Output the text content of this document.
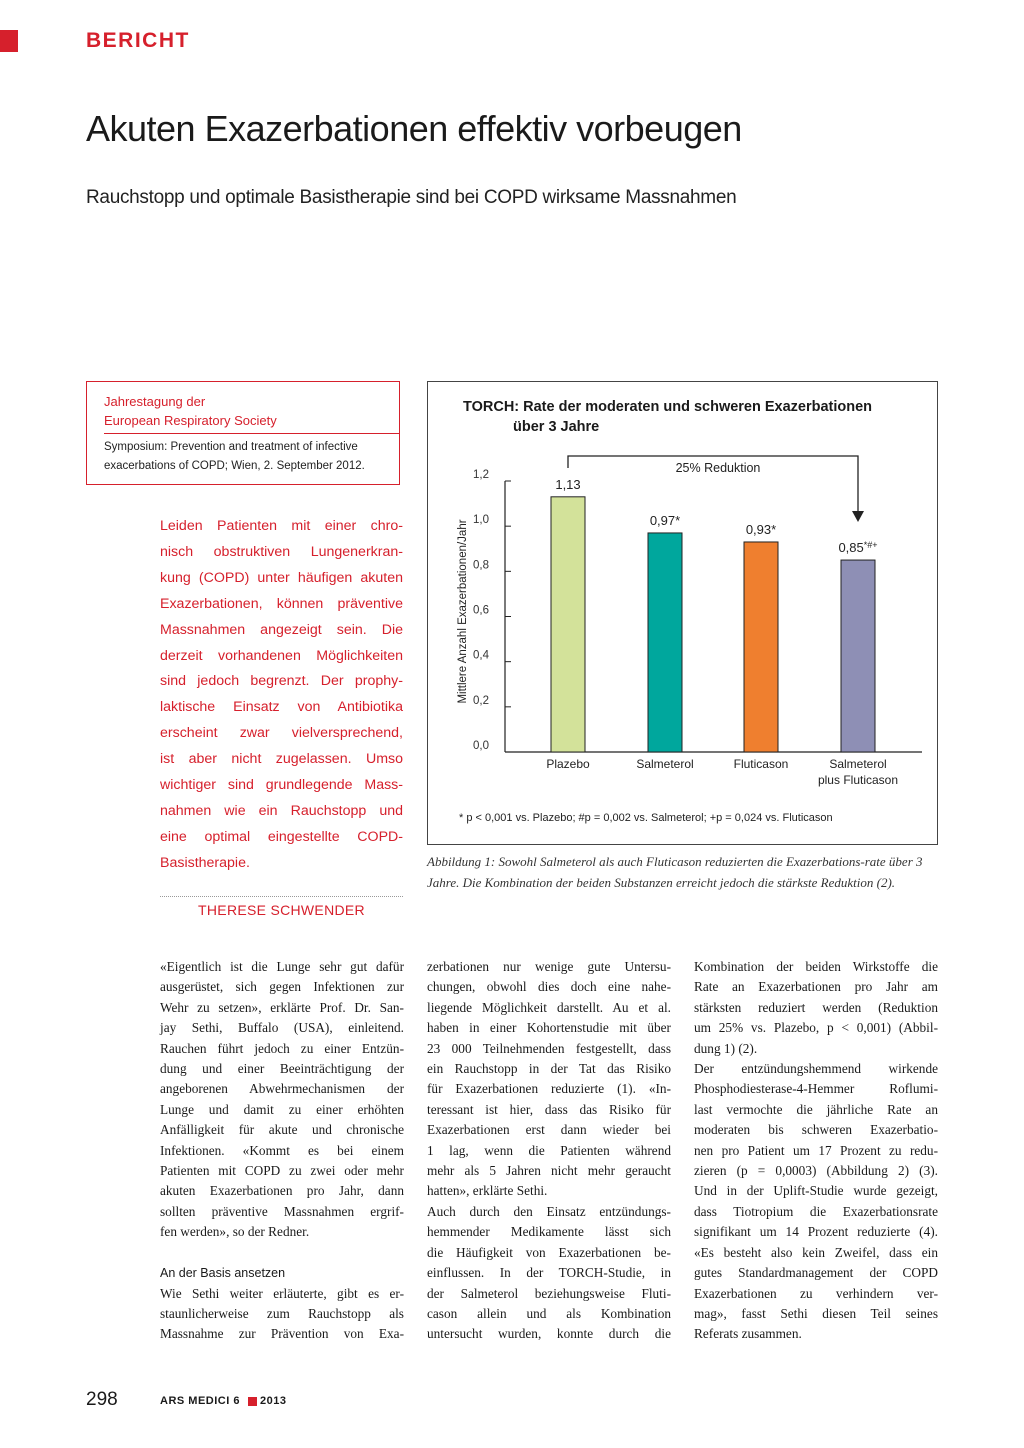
BERICHT
Akuten Exazerbationen effektiv vorbeugen
Rauchstopp und optimale Basistherapie sind bei COPD wirksame Massnahmen
Jahrestagung der
European Respiratory Society
Symposium: Prevention and treatment of infective
exacerbations of COPD; Wien, 2. September 2012.
Leiden Patienten mit einer chro-
nisch obstruktiven Lungenerkran-
kung (COPD) unter häufigen akuten
Exazerbationen, können präventive
Massnahmen angezeigt sein. Die
derzeit vorhandenen Möglichkeiten
sind jedoch begrenzt. Der prophy-
laktische Einsatz von Antibiotika
erscheint zwar vielversprechend,
ist aber nicht zugelassen. Umso
wichtiger sind grundlegende Mass-
nahmen wie ein Rauchstopp und
eine optimal eingestellte COPD-
Basistherapie.
THERESE SCHWENDER
TORCH: Rate der moderaten und schweren Exazerbationen
über 3 Jahre
Mittlere Anzahl Exazerbationen/Jahr
0,0
0,2
0,4
0,6
0,8
1,0
1,2
1,13
Plazebo
0,97*
Salmeterol
0,93*
Fluticason
0,85*#+
Salmeterol
plus Fluticason
25% Reduktion
* p < 0,001 vs. Plazebo; #p = 0,002 vs. Salmeterol; +p = 0,024 vs. Fluticason
Abbildung 1: Sowohl Salmeterol als auch Fluticason reduzierten die Exazerbations-rate über 3 Jahre. Die Kombination der beiden Substanzen erreicht jedoch die stärkste Reduktion (2).
«Eigentlich ist die Lunge sehr gut dafür
ausgerüstet, sich gegen Infektionen zur
Wehr zu setzen», erklärte Prof. Dr. San-
jay Sethi, Buffalo (USA), einleitend.
Rauchen führt jedoch zu einer Entzün-
dung und einer Beeinträchtigung der
angeborenen Abwehrmechanismen der
Lunge und damit zu einer erhöhten
Anfälligkeit für akute und chronische
Infektionen. «Kommt es bei einem
Patienten mit COPD zu zwei oder mehr
akuten Exazerbationen pro Jahr, dann
sollten präventive Massnahmen ergrif-
fen werden», so der Redner.

An der Basis ansetzen
Wie Sethi weiter erläuterte, gibt es er-
staunlicherweise zum Rauchstopp als
Massnahme zur Prävention von Exa-
zerbationen nur wenige gute Untersu-
chungen, obwohl dies doch eine nahe-
liegende Möglichkeit darstellt. Au et al.
haben in einer Kohortenstudie mit über
23 000 Teilnehmenden festgestellt, dass
ein Rauchstopp in der Tat das Risiko
für Exazerbationen reduzierte (1). «In-
teressant ist hier, dass das Risiko für
Exazerbationen erst dann wieder bei
1 lag, wenn die Patienten während
mehr als 5 Jahren nicht mehr geraucht
hatten», erklärte Sethi.
Auch durch den Einsatz entzündungs-
hemmender Medikamente lässt sich
die Häufigkeit von Exazerbationen be-
einflussen. In der TORCH-Studie, in
der Salmeterol beziehungsweise Fluti-
cason allein und als Kombination
untersucht wurden, konnte durch die
Kombination der beiden Wirkstoffe die
Rate an Exazerbationen pro Jahr am
stärksten reduziert werden (Reduktion
um 25% vs. Plazebo, p < 0,001) (Abbil-
dung 1) (2).
Der entzündungshemmend wirkende
Phosphodiesterase-4-Hemmer Roflumi-
last vermochte die jährliche Rate an
moderaten bis schweren Exazerbatio-
nen pro Patient um 17 Prozent zu redu-
zieren (p = 0,0003) (Abbildung 2) (3).
Und in der Uplift-Studie wurde gezeigt,
dass Tiotropium die Exazerbationsrate
signifikant um 14 Prozent reduzierte (4).
«Es besteht also kein Zweifel, dass ein
gutes Standardmanagement der COPD
Exazerbationen zu verhindern ver-
mag», fasst Sethi diesen Teil seines
Referats zusammen.
298	ARS MEDICI 6 2013
